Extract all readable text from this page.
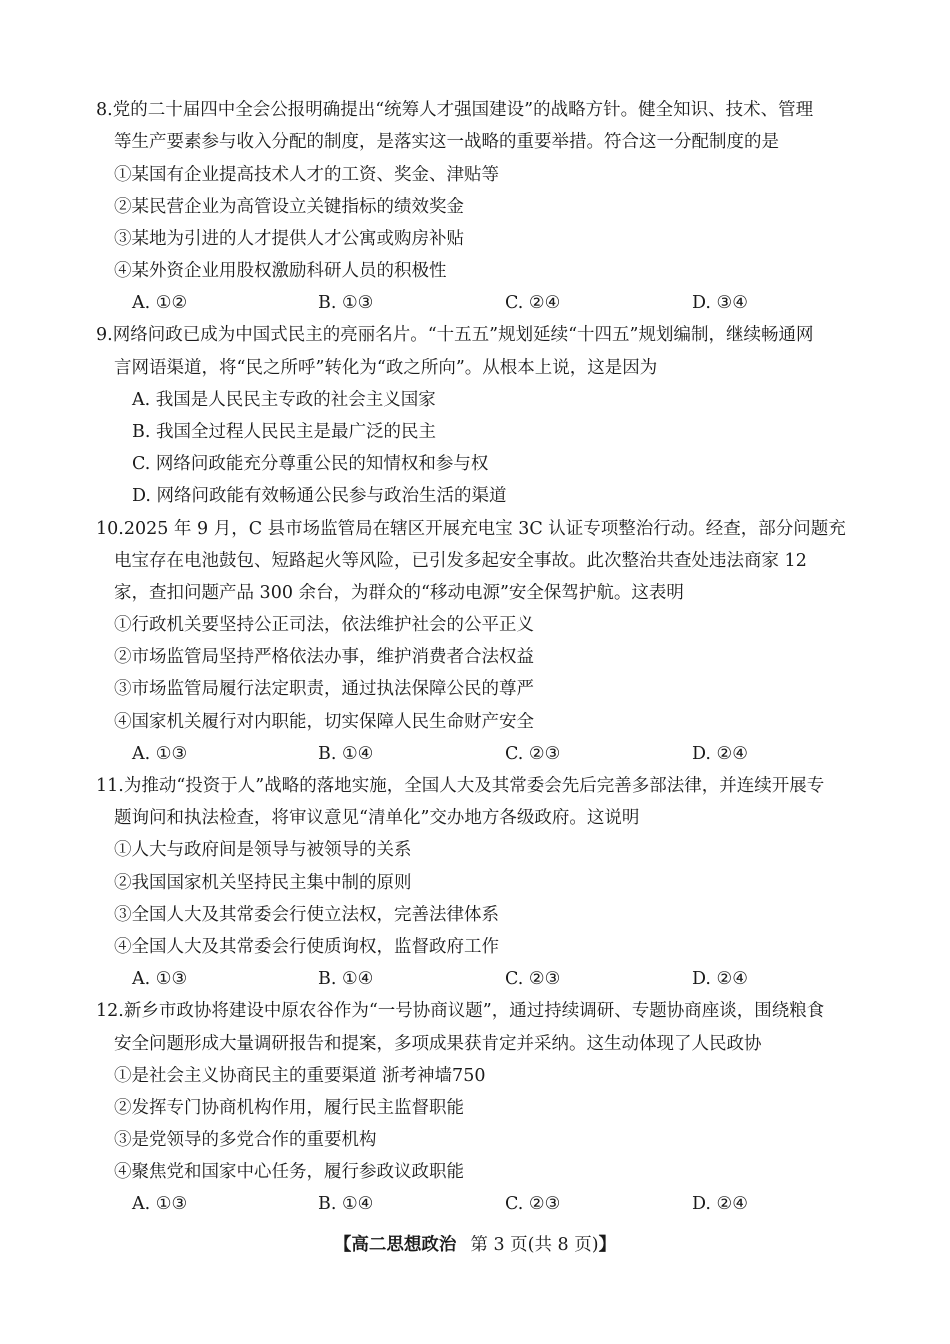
8.党的二十届四中全会公报明确提出“统筹人才强国建设”的战略方针。健全知识、技术、管理
等生产要素参与收入分配的制度，是落实这一战略的重要举措。符合这一分配制度的是
①某国有企业提高技术人才的工资、奖金、津贴等
②某民营企业为高管设立关键指标的绩效奖金
③某地为引进的人才提供人才公寓或购房补贴
④某外资企业用股权激励科研人员的积极性
A. ①②	B. ①③	C. ②④	D. ③④
9.网络问政已成为中国式民主的亮丽名片。“十五五”规划延续“十四五”规划编制，继续畅通网
言网语渠道，将“民之所呼”转化为“政之所向”。从根本上说，这是因为
A. 我国是人民民主专政的社会主义国家
B. 我国全过程人民民主是最广泛的民主
C. 网络问政能充分尊重公民的知情权和参与权
D. 网络问政能有效畅通公民参与政治生活的渠道
10.2025 年 9 月，C 县市场监管局在辖区开展充电宝 3C 认证专项整治行动。经查，部分问题充
电宝存在电池鼓包、短路起火等风险，已引发多起安全事故。此次整治共查处违法商家 12
家，查扣问题产品 300 余台，为群众的“移动电源”安全保驾护航。这表明
①行政机关要坚持公正司法，依法维护社会的公平正义
②市场监管局坚持严格依法办事，维护消费者合法权益
③市场监管局履行法定职责，通过执法保障公民的尊严
④国家机关履行对内职能，切实保障人民生命财产安全
A. ①③	B. ①④	C. ②③	D. ②④
11.为推动“投资于人”战略的落地实施，全国人大及其常委会先后完善多部法律，并连续开展专
题询问和执法检查，将审议意见“清单化”交办地方各级政府。这说明
①人大与政府间是领导与被领导的关系
②我国国家机关坚持民主集中制的原则
③全国人大及其常委会行使立法权，完善法律体系
④全国人大及其常委会行使质询权，监督政府工作
A. ①③	B. ①④	C. ②③	D. ②④
12.新乡市政协将建设中原农谷作为“一号协商议题”，通过持续调研、专题协商座谈，围绕粮食
安全问题形成大量调研报告和提案，多项成果获肯定并采纳。这生动体现了人民政协
①是社会主义协商民主的重要渠道 浙考神墙750
②发挥专门协商机构作用，履行民主监督职能
③是党领导的多党合作的重要机构
④聚焦党和国家中心任务，履行参政议政职能
A. ①③	B. ①④	C. ②③	D. ②④
【高二思想政治 第 3 页(共 8 页)】
